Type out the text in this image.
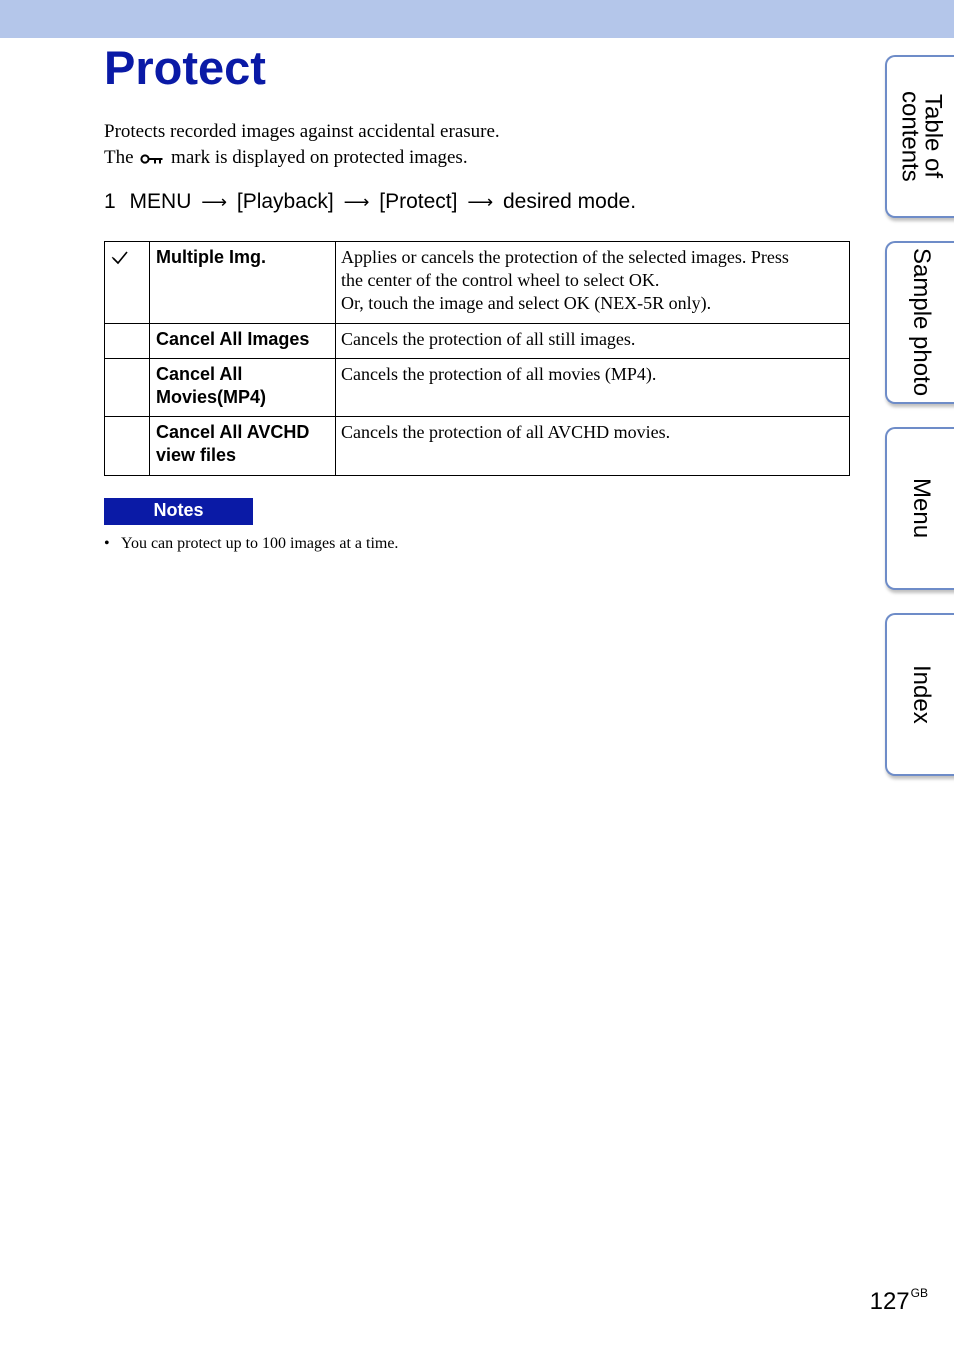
Protect

Protects recorded images against accidental erasure.

The mark is displayed on protected images.

1 MENU ⟶ [Playback] ⟶ [Protect] ⟶ desired mode.
	Multiple Img.	Applies or cancels the protection of the selected images. Press
the center of the control wheel to select OK.
Or, touch the image and select OK (NEX-5R only).

	Cancel All Images	Cancels the protection of all still images.

	Cancel All
Movies(MP4)	Cancels the protection of all movies (MP4).

	Cancel All AVCHD
view files	Cancels the protection of all AVCHD movies.
Notes
• You can protect up to 100 images at a time.
Table of contents
Sample photo
Menu
Index
$127^{GB}$
